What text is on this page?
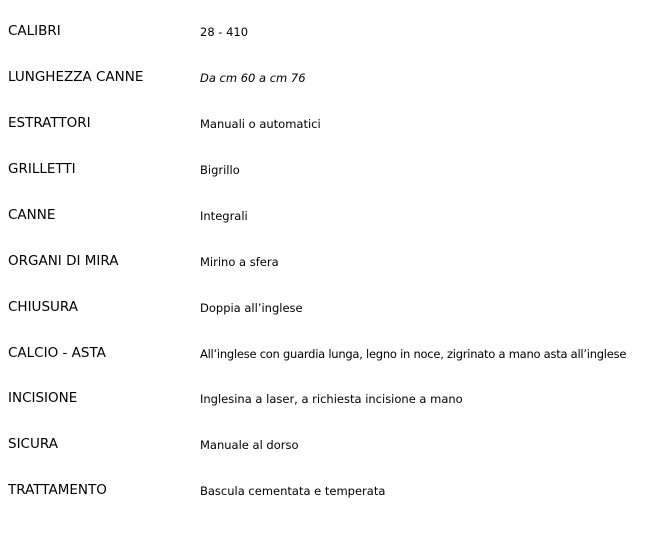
CALIBRI	28 - 410
LUNGHEZZA CANNE	Da cm 60 a cm 76
ESTRATTORI	Manuali o automatici
GRILLETTI	Bigrillo
CANNE	Integrali
ORGANI DI MIRA	Mirino a sfera
CHIUSURA	Doppia all’inglese
CALCIO - ASTA	All’inglese con guardia lunga, legno in noce, zigrinato a mano asta all’inglese
INCISIONE	Inglesina a laser, a richiesta incisione a mano
SICURA	Manuale al dorso
TRATTAMENTO	Bascula cementata e temperata
